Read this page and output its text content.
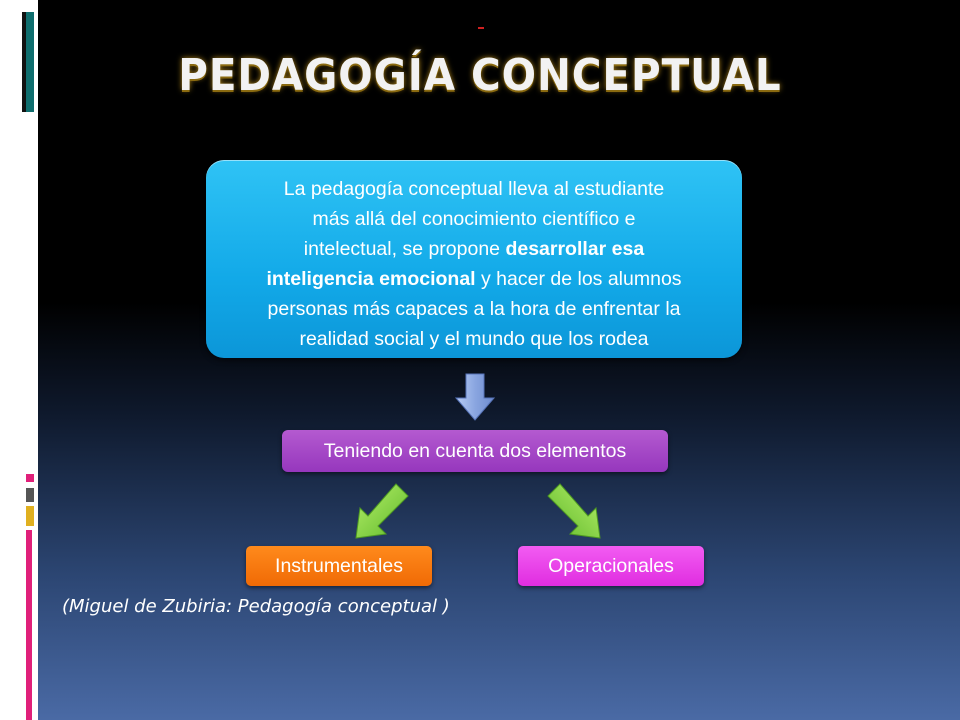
PEDAGOGÍA CONCEPTUAL

La pedagogía conceptual lleva al estudiante
más allá del conocimiento científico e
intelectual, se propone desarrollar esa
inteligencia emocional y hacer de los alumnos
personas más capaces a la hora de enfrentar la
realidad social y el mundo que los rodea

Teniendo en cuenta dos elementos
Instrumentales	Operacionales
(Miguel de Zubiria: Pedagogía conceptual )
